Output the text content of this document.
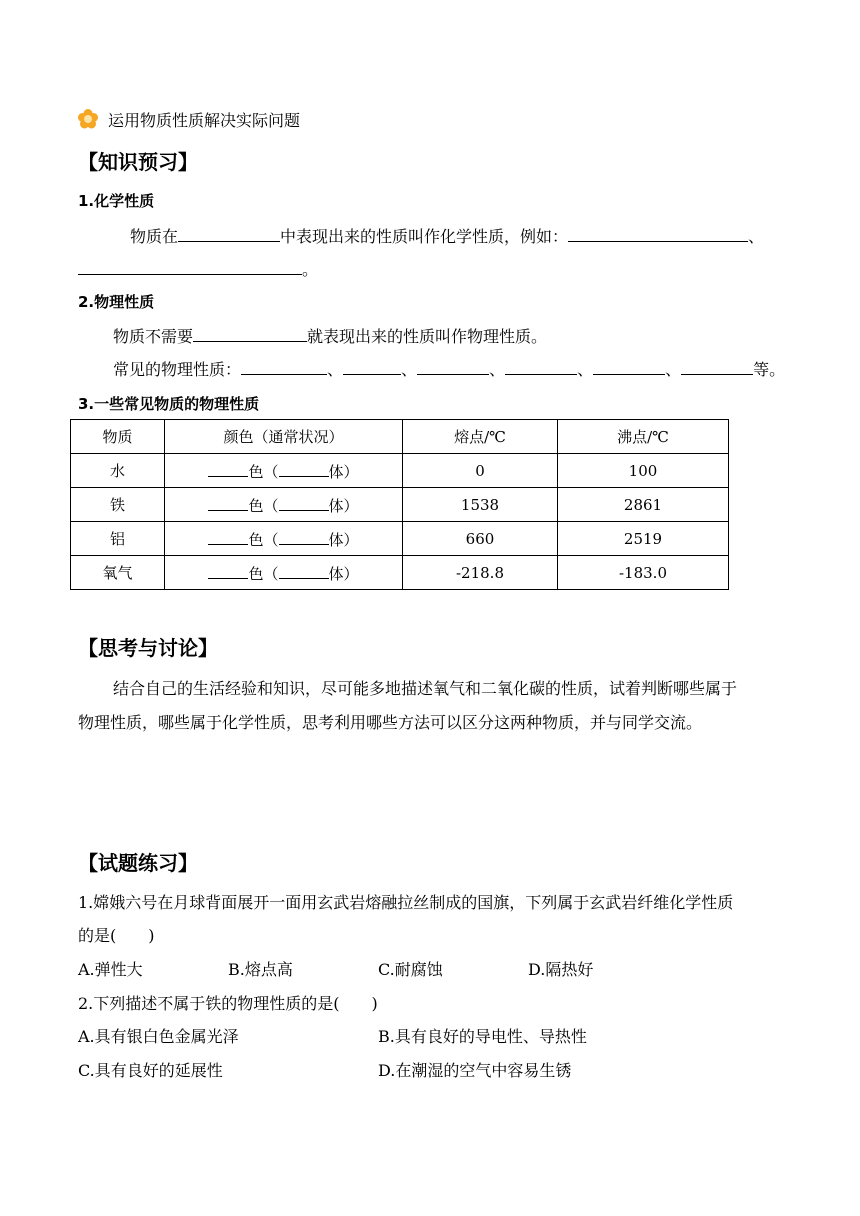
运用物质性质解决实际问题
【知识预习】
1.化学性质
物质在	中表现出来的性质叫作化学性质，例如：	、
。
2.物理性质
物质不需要	就表现出来的性质叫作物理性质。
常见的物理性质：	、	、	、	、	、	等。
3.一些常见物质的物理性质
物质	颜色（通常状况）	熔点/℃	沸点/℃
水	色（ 体）	0	100
铁	色（ 体）	1538	2861
铝	色（ 体）	660	2519
氧气	色（ 体）	-218.8	-183.0
【思考与讨论】
结合自己的生活经验和知识，尽可能多地描述氧气和二氧化碳的性质，试着判断哪些属于
物理性质，哪些属于化学性质，思考利用哪些方法可以区分这两种物质，并与同学交流。
【试题练习】
1.嫦娥六号在月球背面展开一面用玄武岩熔融拉丝制成的国旗，下列属于玄武岩纤维化学性质
的是(　　)
A.弹性大	B.熔点高	C.耐腐蚀	D.隔热好
2.下列描述不属于铁的物理性质的是(　　)
A.具有银白色金属光泽	B.具有良好的导电性、导热性
C.具有良好的延展性	D.在潮湿的空气中容易生锈
